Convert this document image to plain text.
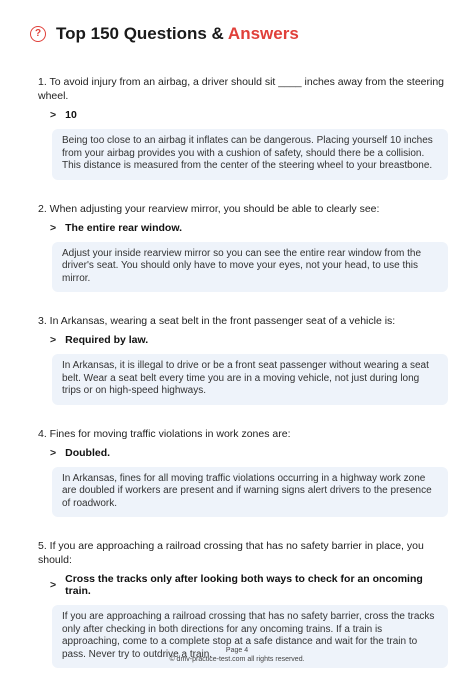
? Top 150 Questions & Answers
1. To avoid injury from an airbag, a driver should sit ____ inches away from the steering wheel.
> 10
Being too close to an airbag it inflates can be dangerous. Placing yourself 10 inches from your airbag provides you with a cushion of safety, should there be a collision. This distance is measured from the center of the steering wheel to your breastbone.
2. When adjusting your rearview mirror, you should be able to clearly see:
> The entire rear window.
Adjust your inside rearview mirror so you can see the entire rear window from the driver's seat. You should only have to move your eyes, not your head, to use this mirror.
3. In Arkansas, wearing a seat belt in the front passenger seat of a vehicle is:
> Required by law.
In Arkansas, it is illegal to drive or be a front seat passenger without wearing a seat belt. Wear a seat belt every time you are in a moving vehicle, not just during long trips or on high-speed highways.
4. Fines for moving traffic violations in work zones are:
> Doubled.
In Arkansas, fines for all moving traffic violations occurring in a highway work zone are doubled if workers are present and if warning signs alert drivers to the presence of roadwork.
5. If you are approaching a railroad crossing that has no safety barrier in place, you should:
> Cross the tracks only after looking both ways to check for an oncoming train.
If you are approaching a railroad crossing that has no safety barrier, cross the tracks only after checking in both directions for any oncoming trains. If a train is approaching, come to a complete stop at a safe distance and wait for the train to pass. Never try to outdrive a train.	Page 4
© dmv-practice-test.com all rights reserved.
